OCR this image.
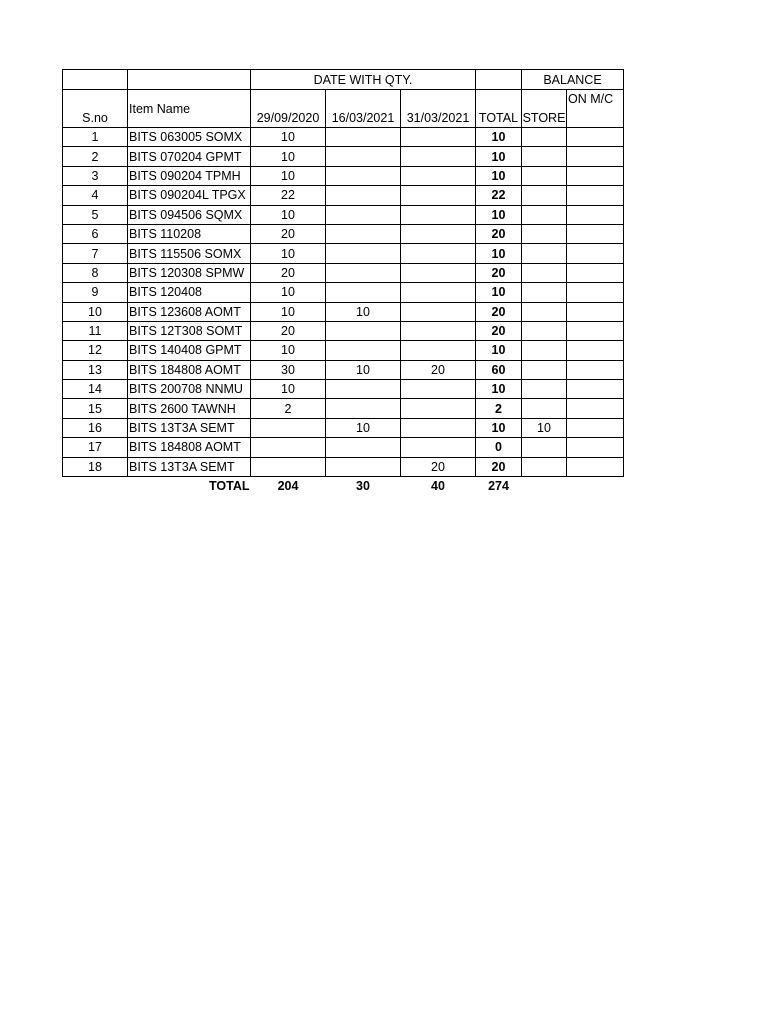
		DATE WITH QTY.				BALANCE	
S.no	Item Name	29/09/2020	16/03/2021	31/03/2021	TOTAL	STORE	ON M/C
1	BITS 063005 SOMX	10			10		
2	BITS 070204 GPMT	10			10		
3	BITS 090204 TPMH	10			10		
4	BITS 090204L TPGX	22			22		
5	BITS 094506 SQMX	10			10		
6	BITS 110208	20			20		
7	BITS 115506 SOMX	10			10		
8	BITS 120308 SPMW	20			20		
9	BITS 120408	10			10		
10	BITS 123608 AOMT	10	10		20		
11	BITS 12T308 SOMT	20			20		
12	BITS 140408 GPMT	10			10		
13	BITS 184808 AOMT	30	10	20	60		
14	BITS 200708 NNMU	10			10		
15	BITS 2600 TAWNH	2			2		
16	BITS 13T3A SEMT		10		10	10	
17	BITS 184808 AOMT				0		
18	BITS 13T3A SEMT			20	20		
	TOTAL	204	30	40	274		
